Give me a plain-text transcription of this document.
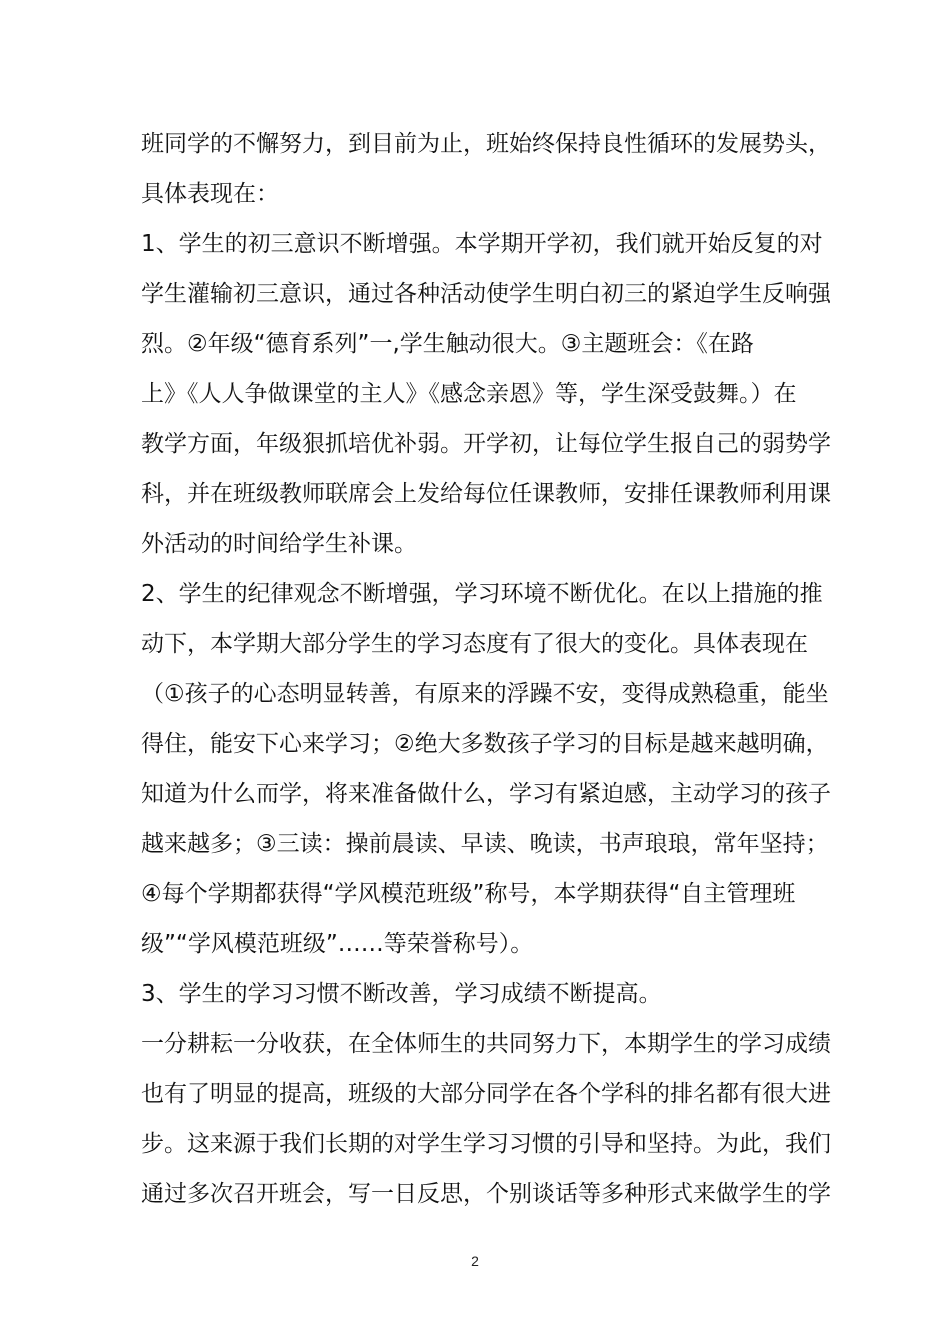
班同学的不懈努力，到目前为止，班始终保持良性循环的发展势头，
具体表现在：
1、学生的初三意识不断增强。本学期开学初，我们就开始反复的对
学生灌输初三意识，通过各种活动使学生明白初三的紧迫学生反响强
烈。②年级“德育系列”一,学生触动很大。③主题班会：《在路
上》《人人争做课堂的主人》《感念亲恩》等，学生深受鼓舞。）在
教学方面，年级狠抓培优补弱。开学初，让每位学生报自己的弱势学
科，并在班级教师联席会上发给每位任课教师，安排任课教师利用课
外活动的时间给学生补课。
2、学生的纪律观念不断增强，学习环境不断优化。在以上措施的推
动下，本学期大部分学生的学习态度有了很大的变化。具体表现在
（①孩子的心态明显转善，有原来的浮躁不安，变得成熟稳重，能坐
得住，能安下心来学习；②绝大多数孩子学习的目标是越来越明确，
知道为什么而学，将来准备做什么，学习有紧迫感，主动学习的孩子
越来越多；③三读：操前晨读、早读、晚读，书声琅琅，常年坚持；
④每个学期都获得“学风模范班级”称号，本学期获得“自主管理班
级”“学风模范班级”……等荣誉称号）。
3、学生的学习习惯不断改善，学习成绩不断提高。
一分耕耘一分收获，在全体师生的共同努力下，本期学生的学习成绩
也有了明显的提高，班级的大部分同学在各个学科的排名都有很大进
步。这来源于我们长期的对学生学习习惯的引导和坚持。为此，我们
通过多次召开班会，写一日反思，个别谈话等多种形式来做学生的学
2
